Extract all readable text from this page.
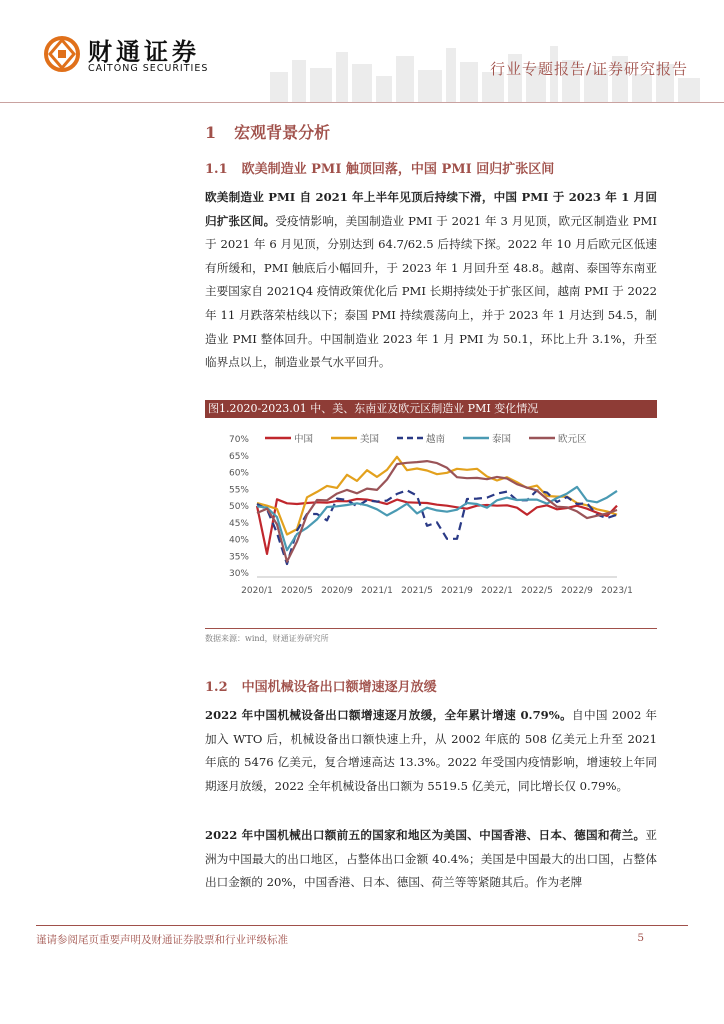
财通证券
CAITONG SECURITIES	行业专题报告/证券研究报告
1 宏观背景分析
1.1 欧美制造业 PMI 触顶回落，中国 PMI 回归扩张区间
欧美制造业 PMI 自 2021 年上半年见顶后持续下滑，中国 PMI 于 2023 年 1 月回归扩张区间。受疫情影响，美国制造业 PMI 于 2021 年 3 月见顶，欧元区制造业 PMI 于 2021 年 6 月见顶，分别达到 64.7/62.5 后持续下探。2022 年 10 月后欧元区低速有所缓和，PMI 触底后小幅回升，于 2023 年 1 月回升至 48.8。越南、泰国等东南亚主要国家自 2021Q4 疫情政策优化后 PMI 长期持续处于扩张区间，越南 PMI 于 2022 年 11 月跌落荣枯线以下；泰国 PMI 持续震荡向上，并于 2023 年 1 月达到 54.5，制造业 PMI 整体回升。中国制造业 2023 年 1 月 PMI 为 50.1，环比上升 3.1%，升至临界点以上，制造业景气水平回升。
图1.2020-2023.01 中、美、东南亚及欧元区制造业 PMI 变化情况
70%
65%
60%
55%
50%
45%
40%
35%
30%
2020/1 2020/5 2020/9 2021/1 2021/5 2021/9 2022/1 2022/5 2022/9 2023/1
中国	美国	越南	泰国	欧元区
数据来源：wind，财通证券研究所
1.2 中国机械设备出口额增速逐月放缓
2022 年中国机械设备出口额增速逐月放缓，全年累计增速 0.79%。自中国 2002 年加入 WTO 后，机械设备出口额快速上升，从 2002 年底的 508 亿美元上升至 2021 年底的 5476 亿美元，复合增速高达 13.3%。2022 年受国内疫情影响，增速较上年同期逐月放缓，2022 全年机械设备出口额为 5519.5 亿美元，同比增长仅 0.79%。
2022 年中国机械出口额前五的国家和地区为美国、中国香港、日本、德国和荷兰。亚洲为中国最大的出口地区，占整体出口金额 40.4%；美国是中国最大的出口国，占整体出口金额的 20%，中国香港、日本、德国、荷兰等等紧随其后。作为老牌
谨请参阅尾页重要声明及财通证券股票和行业评级标准	5
